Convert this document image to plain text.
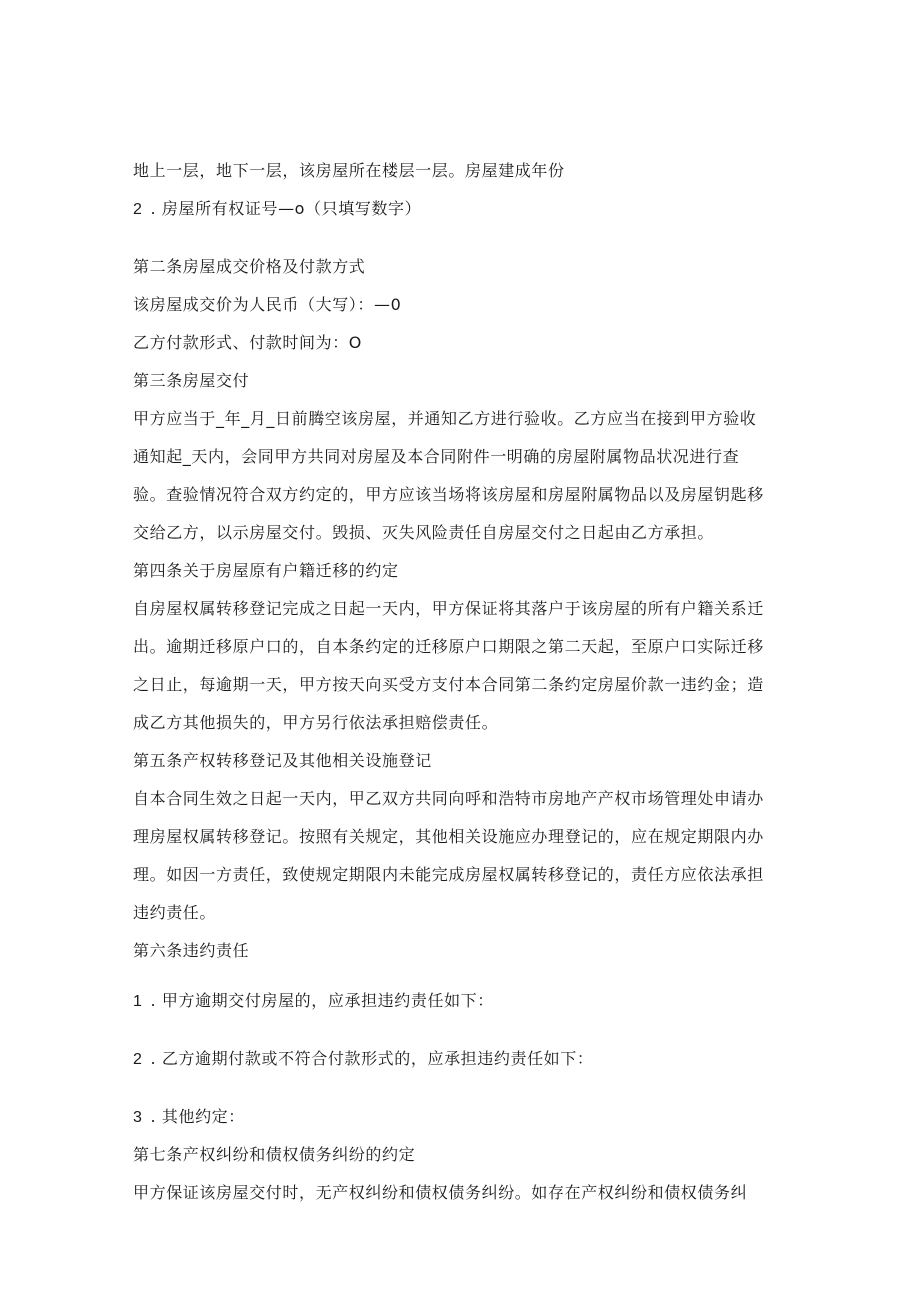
地上一层，地下一层，该房屋所在楼层一层。房屋建成年份

2 . 房屋所有权证号—o（只填写数字）

第二条房屋成交价格及付款方式

该房屋成交价为人民币（大写）：—0

乙方付款形式、付款时间为：O

第三条房屋交付

甲方应当于_年_月_日前腾空该房屋，并通知乙方进行验收。乙方应当在接到甲方验收

通知起_天内，会同甲方共同对房屋及本合同附件一明确的房屋附属物品状况进行查

验。查验情况符合双方约定的，甲方应该当场将该房屋和房屋附属物品以及房屋钥匙移

交给乙方，以示房屋交付。毁损、灭失风险责任自房屋交付之日起由乙方承担。

第四条关于房屋原有户籍迁移的约定

自房屋权属转移登记完成之日起一天内，甲方保证将其落户于该房屋的所有户籍关系迁

出。逾期迁移原户口的，自本条约定的迁移原户口期限之第二天起，至原户口实际迁移

之日止，每逾期一天，甲方按天向买受方支付本合同第二条约定房屋价款一违约金；造

成乙方其他损失的，甲方另行依法承担赔偿责任。

第五条产权转移登记及其他相关设施登记

自本合同生效之日起一天内，甲乙双方共同向呼和浩特市房地产产权市场管理处申请办

理房屋权属转移登记。按照有关规定，其他相关设施应办理登记的，应在规定期限内办

理。如因一方责任，致使规定期限内未能完成房屋权属转移登记的，责任方应依法承担

违约责任。

第六条违约责任

1 . 甲方逾期交付房屋的，应承担违约责任如下：

2 . 乙方逾期付款或不符合付款形式的，应承担违约责任如下：

3 . 其他约定：

第七条产权纠纷和债权债务纠纷的约定

甲方保证该房屋交付时，无产权纠纷和债权债务纠纷。如存在产权纠纷和债权债务纠
